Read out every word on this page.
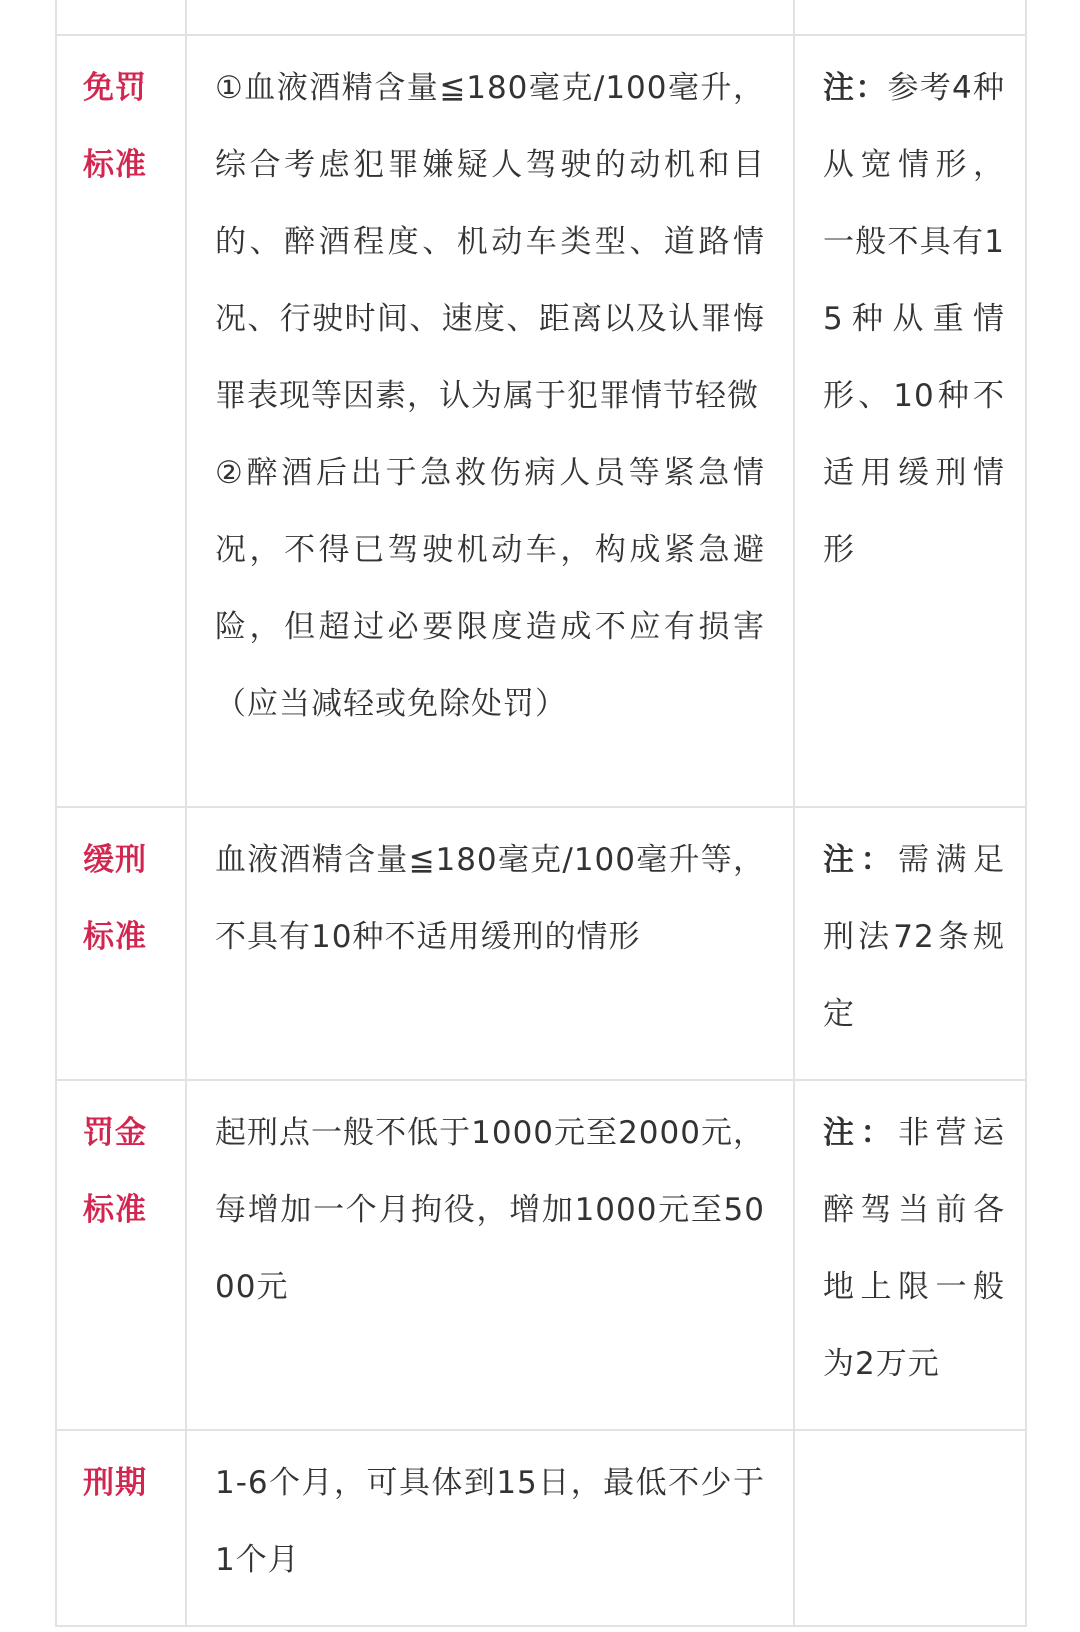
免罚
标准	①血液酒精含量≦180毫克/100毫升，综合考虑犯罪嫌疑人驾驶的动机和目的、醉酒程度、机动车类型、道路情况、行驶时间、速度、距离以及认罪悔罪表现等因素，认为属于犯罪情节轻微
②醉酒后出于急救伤病人员等紧急情况，不得已驾驶机动车，构成紧急避险，但超过必要限度造成不应有损害（应当减轻或免除处罚）	注：参考4种从宽情形，一般不具有15种从重情形、10种不适用缓刑情形

缓刑
标准	血液酒精含量≦180毫克/100毫升等，不具有10种不适用缓刑的情形	注：需满足刑法72条规定

罚金
标准	起刑点一般不低于1000元至2000元，每增加一个月拘役，增加1000元至5000元	注：非营运醉驾当前各地上限一般为2万元

刑期	1-6个月，可具体到15日，最低不少于1个月	
